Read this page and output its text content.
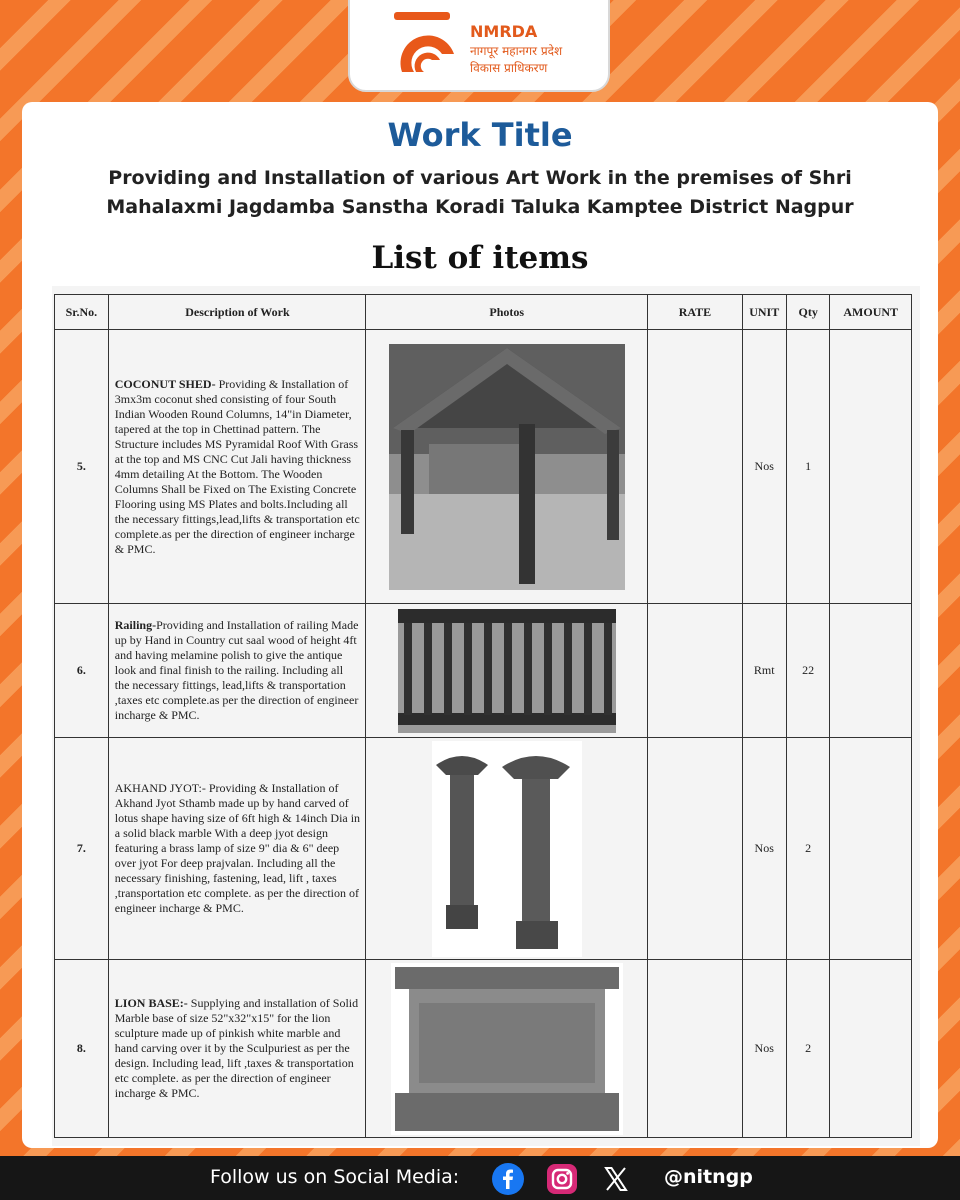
NMRDA
नागपूर महानगर प्रदेश
विकास प्राधिकरण
Work Title
Providing and Installation of various Art Work in the premises of Shri Mahalaxmi Jagdamba Sanstha Koradi Taluka Kamptee District Nagpur
List of items
Sr.No.	Description of Work	Photos	RATE	UNIT	Qty	AMOUNT
5.	COCONUT SHED- Providing & Installation of 3mx3m coconut shed consisting of four South Indian Wooden Round Columns, 14"in Diameter, tapered at the top in Chettinad pattern. The Structure includes MS Pyramidal Roof With Grass at the top and MS CNC Cut Jali having thickness 4mm detailing At the Bottom. The Wooden Columns Shall be Fixed on The Existing Concrete Flooring using MS Plates and bolts.Including all the necessary fittings,lead,lifts & transportation etc complete.as per the direction of engineer incharge & PMC.			Nos	1	
6.	Railing-Providing and Installation of railing Made up by Hand in Country cut saal wood of height 4ft and having melamine polish to give the antique look and final finish to the railing. Including all the necessary fittings, lead,lifts & transportation ,taxes etc complete.as per the direction of engineer incharge & PMC.			Rmt	22	
7.	AKHAND JYOT:- Providing & Installation of Akhand Jyot Sthamb made up by hand carved of lotus shape having size of 6ft high & 14inch Dia in a solid black marble With a deep jyot design featuring a brass lamp of size 9" dia & 6" deep over jyot For deep prajvalan. Including all the necessary finishing, fastening, lead, lift , taxes ,transportation etc complete. as per the direction of engineer incharge & PMC.			Nos	2	
8.	LION BASE:- Supplying and installation of Solid Marble base of size 52"x32"x15" for the lion sculpture made up of pinkish white marble and hand carving over it by the Sculpuriest as per the design. Including lead, lift ,taxes & transportation etc complete. as per the direction of engineer incharge & PMC.			Nos	2	
Follow us on Social Media:	@nitngp
